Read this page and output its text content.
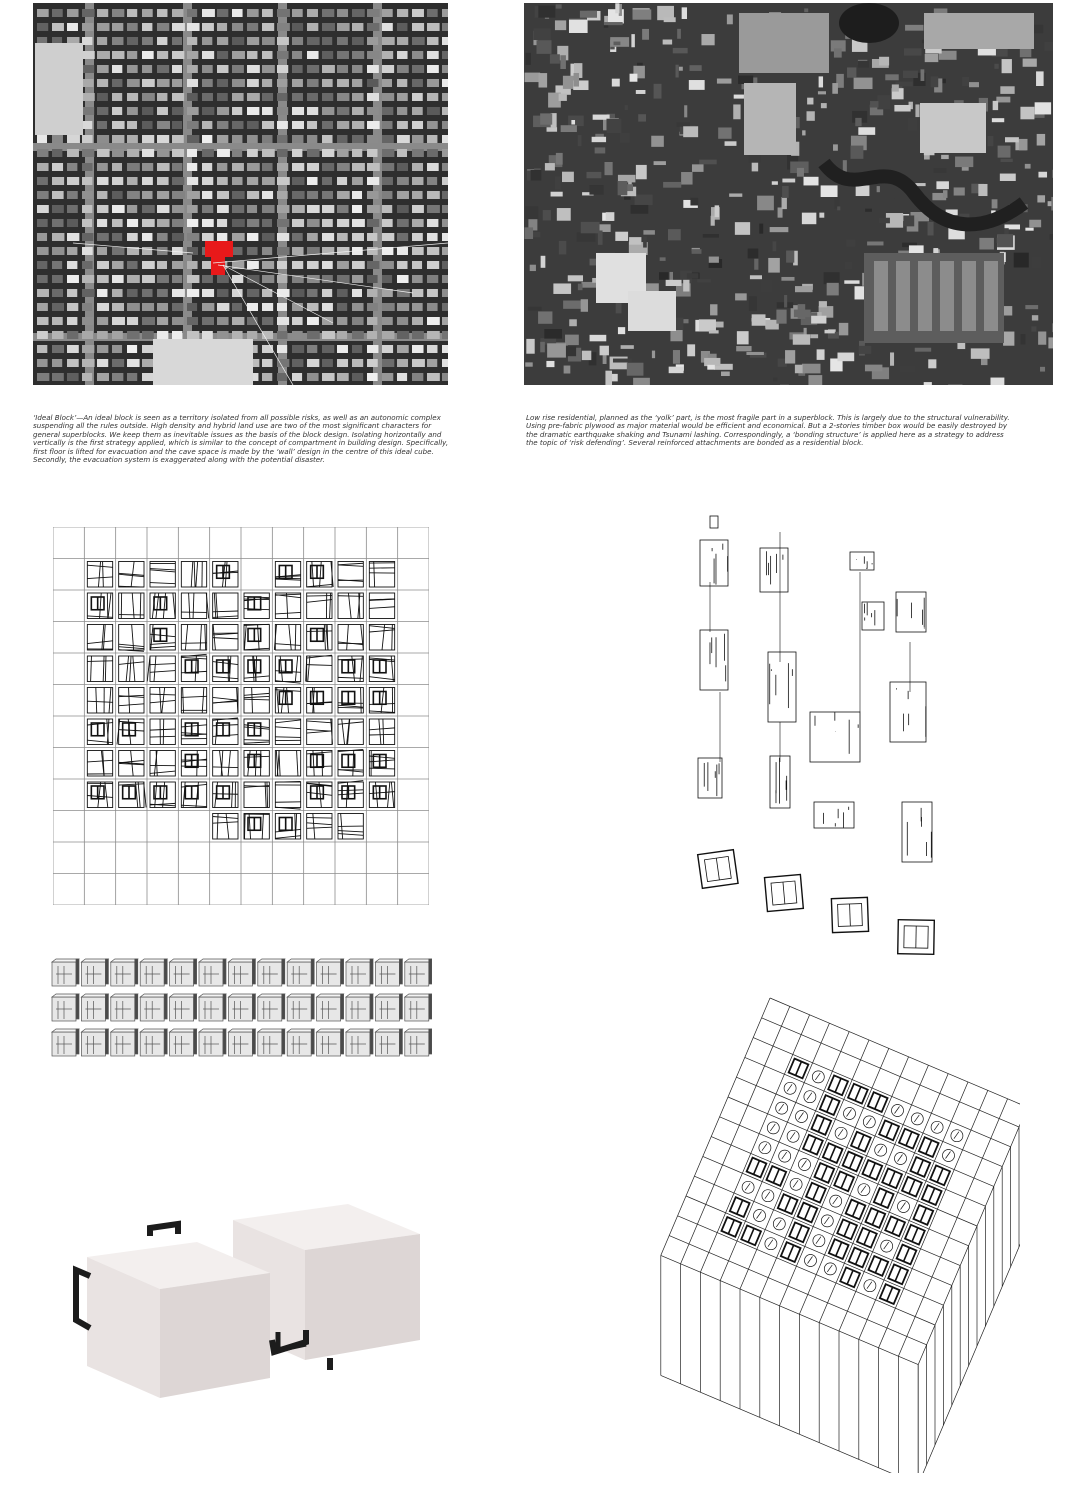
‘Ideal Block’—An ideal block is seen as a territory isolated from all possible risks, as well as an autonomic complex suspending all the rules outside. High density and hybrid land use are two of the most significant characters for general superblocks. We keep them as inevitable issues as the basis of the block design. Isolating horizontally and vertically is the first strategy applied, which is similar to the concept of compartment in building design. Specifically, first floor is lifted for evacuation and the cave space is made by the ‘wall’ design in the centre of this ideal cube. Secondly, the evacuation system is exaggerated along with the potential disaster.

Low rise residential, planned as the ‘yolk’ part, is the most fragile part in a superblock. This is largely due to the structural vulnerability. Using pre-fabric plywood as major material would be efficient and economical. But a 2-stories timber box would be easily destroyed by the dramatic earthquake shaking and Tsunami lashing. Correspondingly, a ‘bonding structure’ is applied here as a strategy to address the topic of ‘risk defending’. Several reinforced attachments are bonded as a residential block.
